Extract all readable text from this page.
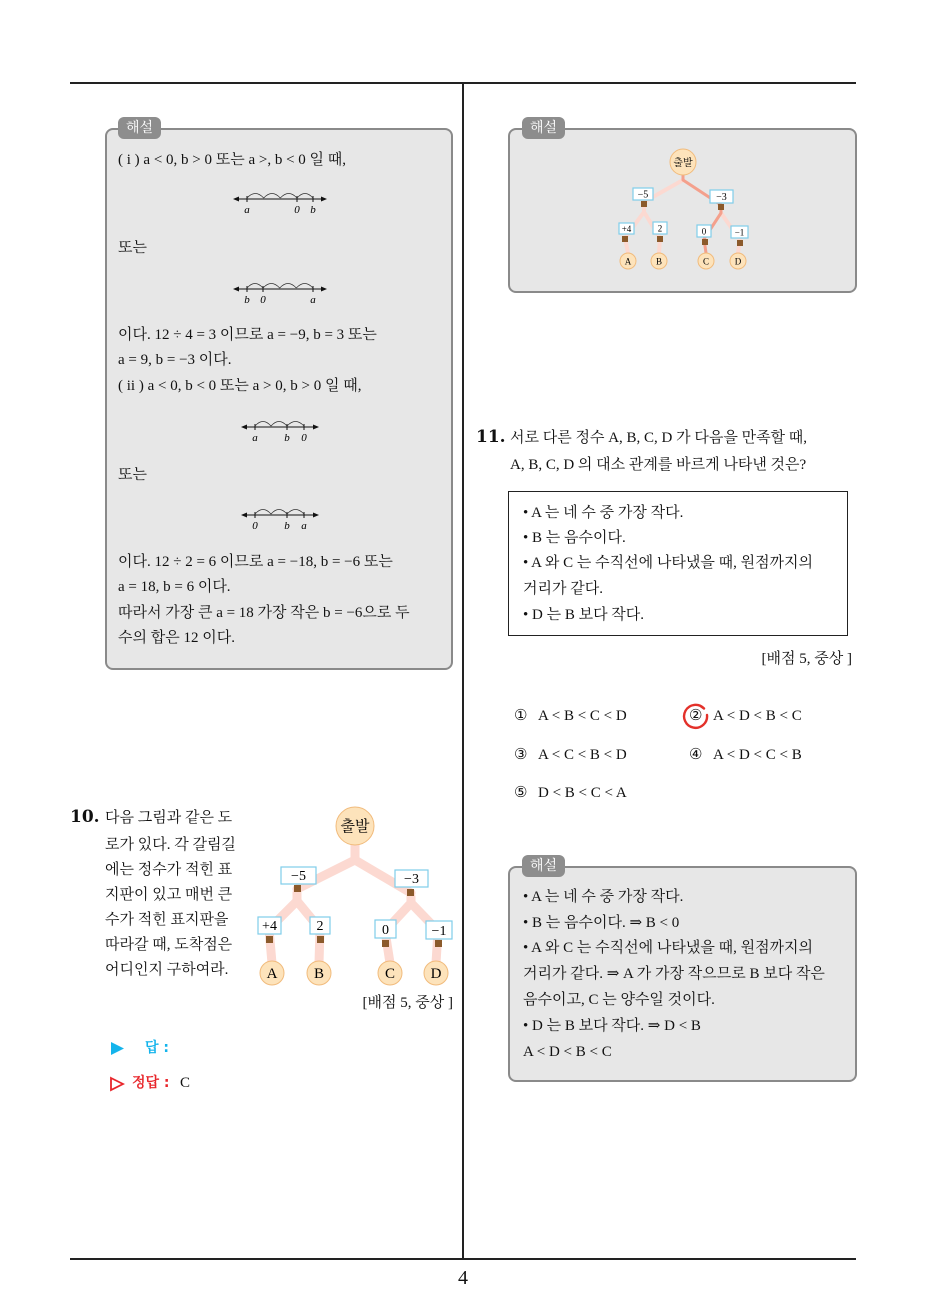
4
해설
( i ) a < 0, b > 0 또는 a >, b < 0 일 때,
a	0 b
또는
b 0	a
이다. 12 ÷ 4 = 3 이므로 a = −9, b = 3 또는
a = 9, b = −3 이다.
( ii ) a < 0, b < 0 또는 a > 0, b > 0 일 때,
a b 0
또는
0 b a
이다. 12 ÷ 2 = 6 이므로 a = −18, b = −6 또는
a = 18, b = 6 이다.
따라서 가장 큰 a = 18 가장 작은 b = −6으로 두
수의 합은 12 이다.
10. 다음 그림과 같은 도
로가 있다. 각 갈림길
에는 정수가 적힌 표
지판이 있고 매번 큰
수가 적힌 표지판을
따라갈 때, 도착점은
어디인지 구하여라.
출발
−5	−3
+4	2	0	−1
A B	C D
[배점 5, 중상 ]
답 :
정답 : C
해설
출발
−5	−3
+4	2	0	−1
A	B	C	D
11. 서로 다른 정수 A, B, C, D 가 다음을 만족할 때,
A, B, C, D 의 대소 관계를 바르게 나타낸 것은?
• A 는 네 수 중 가장 작다.
• B 는 음수이다.
• A 와 C 는 수직선에 나타냈을 때, 원점까지의
거리가 같다.
• D 는 B 보다 작다.
[배점 5, 중상 ]
① A < B < C < D	② A < D < B < C
③ A < C < B < D	④ A < D < C < B
⑤ D < B < C < A
해설
• A 는 네 수 중 가장 작다.
• B 는 음수이다. ⇒ B < 0
• A 와 C 는 수직선에 나타냈을 때, 원점까지의
거리가 같다. ⇒ A 가 가장 작으므로 B 보다 작은
음수이고, C 는 양수일 것이다.
• D 는 B 보다 작다. ⇒ D < B
A < D < B < C
